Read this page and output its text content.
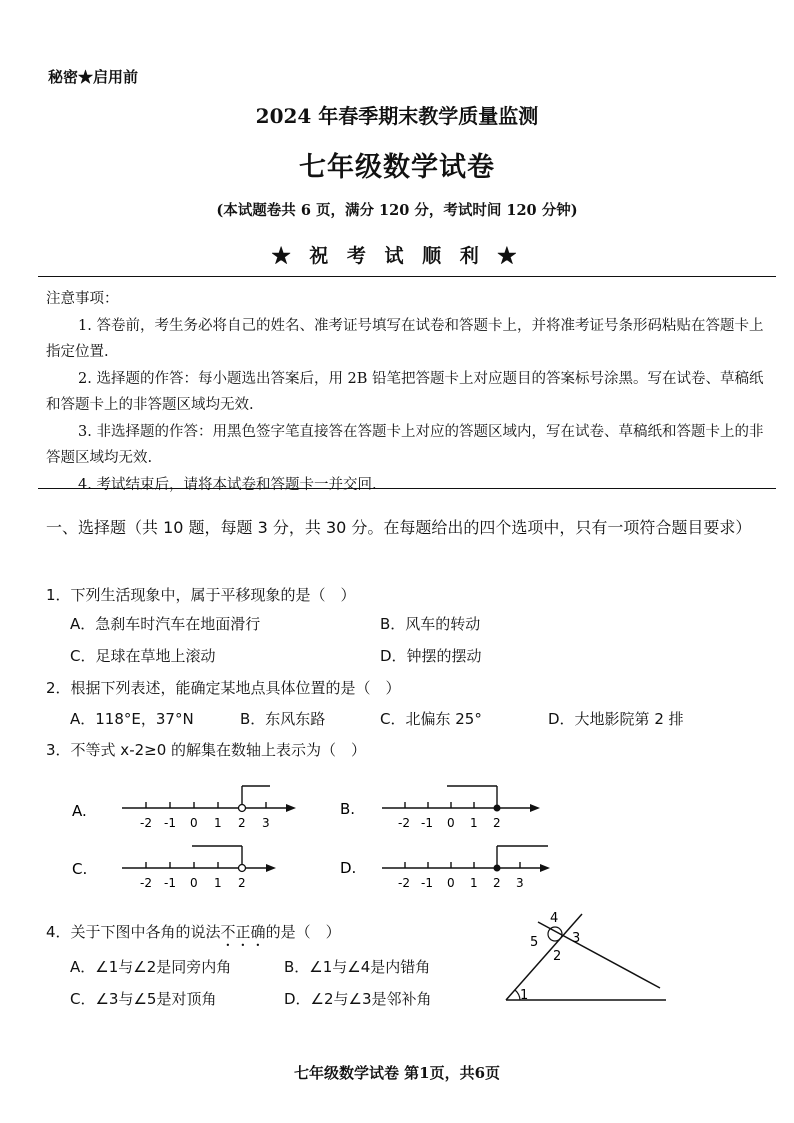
秘密★启用前
2024 年春季期末教学质量监测
七年级数学试卷
(本试题卷共 6 页，满分 120 分，考试时间 120 分钟)
★ 祝 考 试 顺 利 ★

注意事项：

1. 答卷前，考生务必将自己的姓名、准考证号填写在试卷和答题卡上，并将准考证号条形码粘贴在答题卡上指定位置.

2. 选择题的作答：每小题选出答案后，用 2B 铅笔把答题卡上对应题目的答案标号涂黑。写在试卷、草稿纸和答题卡上的非答题区域均无效.

3. 非选择题的作答：用黑色签字笔直接答在答题卡上对应的答题区域内，写在试卷、草稿纸和答题卡上的非答题区域均无效.

4. 考试结束后，请将本试卷和答题卡一并交回.

一、选择题（共 10 题，每题 3 分，共 30 分。在每题给出的四个选项中，只有一项符合题目要求）
1．下列生活现象中，属于平移现象的是（　）
A．急刹车时汽车在地面滑行	B．风车的转动
C．足球在草地上滚动	D．钟摆的摆动
2．根据下列表述，能确定某地点具体位置的是（　）
A．118°E，37°N	B．东风东路	C．北偏东 25°	D．大地影院第 2 排
3．不等式 x-2≥0 的解集在数轴上表示为（　）
A.
-2 -1 0 1 2 3
B.
-2 -1 0 1 2
C.
-2 -1 0 1 2
D.
-2 -1 0 1 2 3
4．关于下图中各角的说法不正确的是（　）
A．∠1与∠2是同旁内角	B．∠1与∠4是内错角
C．∠3与∠5是对顶角	D．∠2与∠3是邻补角	1
2
3
4
5
七年级数学试卷 第1页，共6页
